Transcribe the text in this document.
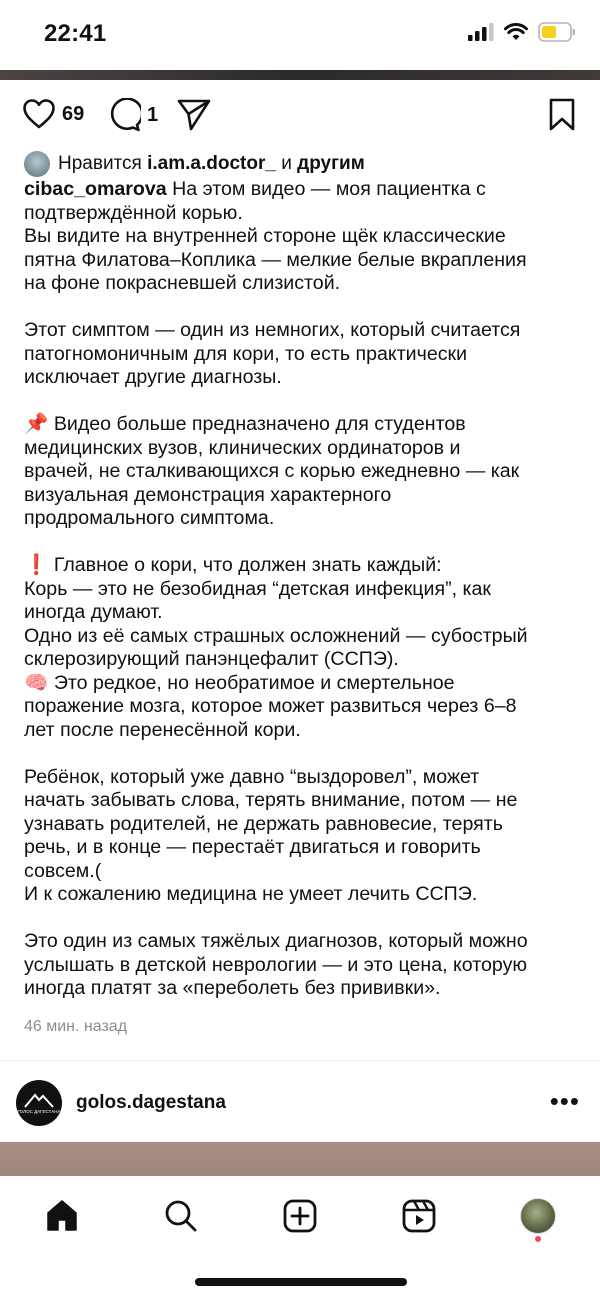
22:41
69	1
Нравится
i.am.a.doctor_
и
другим

cibac_omarova На этом видео — моя пациентка с

подтверждённой корью.

Вы видите на внутренней стороне щёк классические

пятна Филатова–Коплика — мелкие белые вкрапления

на фоне покрасневшей слизистой.

Этот симптом — один из немногих, который считается

патогномоничным для кори, то есть практически

исключает другие диагнозы.

📌 Видео больше предназначено для студентов

медицинских вузов, клинических ординаторов и

врачей, не сталкивающихся с корью ежедневно — как

визуальная демонстрация характерного

продромального симптома.

❗ Главное о кори, что должен знать каждый:

Корь — это не безобидная “детская инфекция”, как

иногда думают.

Одно из её самых страшных осложнений — субострый

склерозирующий панэнцефалит (ССПЭ).

🧠 Это редкое, но необратимое и смертельное

поражение мозга, которое может развиться через 6–8

лет после перенесённой кори.

Ребёнок, который уже давно “выздоровел”, может

начать забывать слова, терять внимание, потом — не

узнавать родителей, не держать равновесие, терять

речь, и в конце — перестаёт двигаться и говорить

совсем.(

И к сожалению медицина не умеет лечить ССПЭ.

Это один из самых тяжёлых диагнозов, который можно

услышать в детской неврологии — и это цена, которую

иногда платят за «переболеть без прививки».

46 мин. назад
ГОЛОС ДАГЕСТАНА golos.dagestana	•••
